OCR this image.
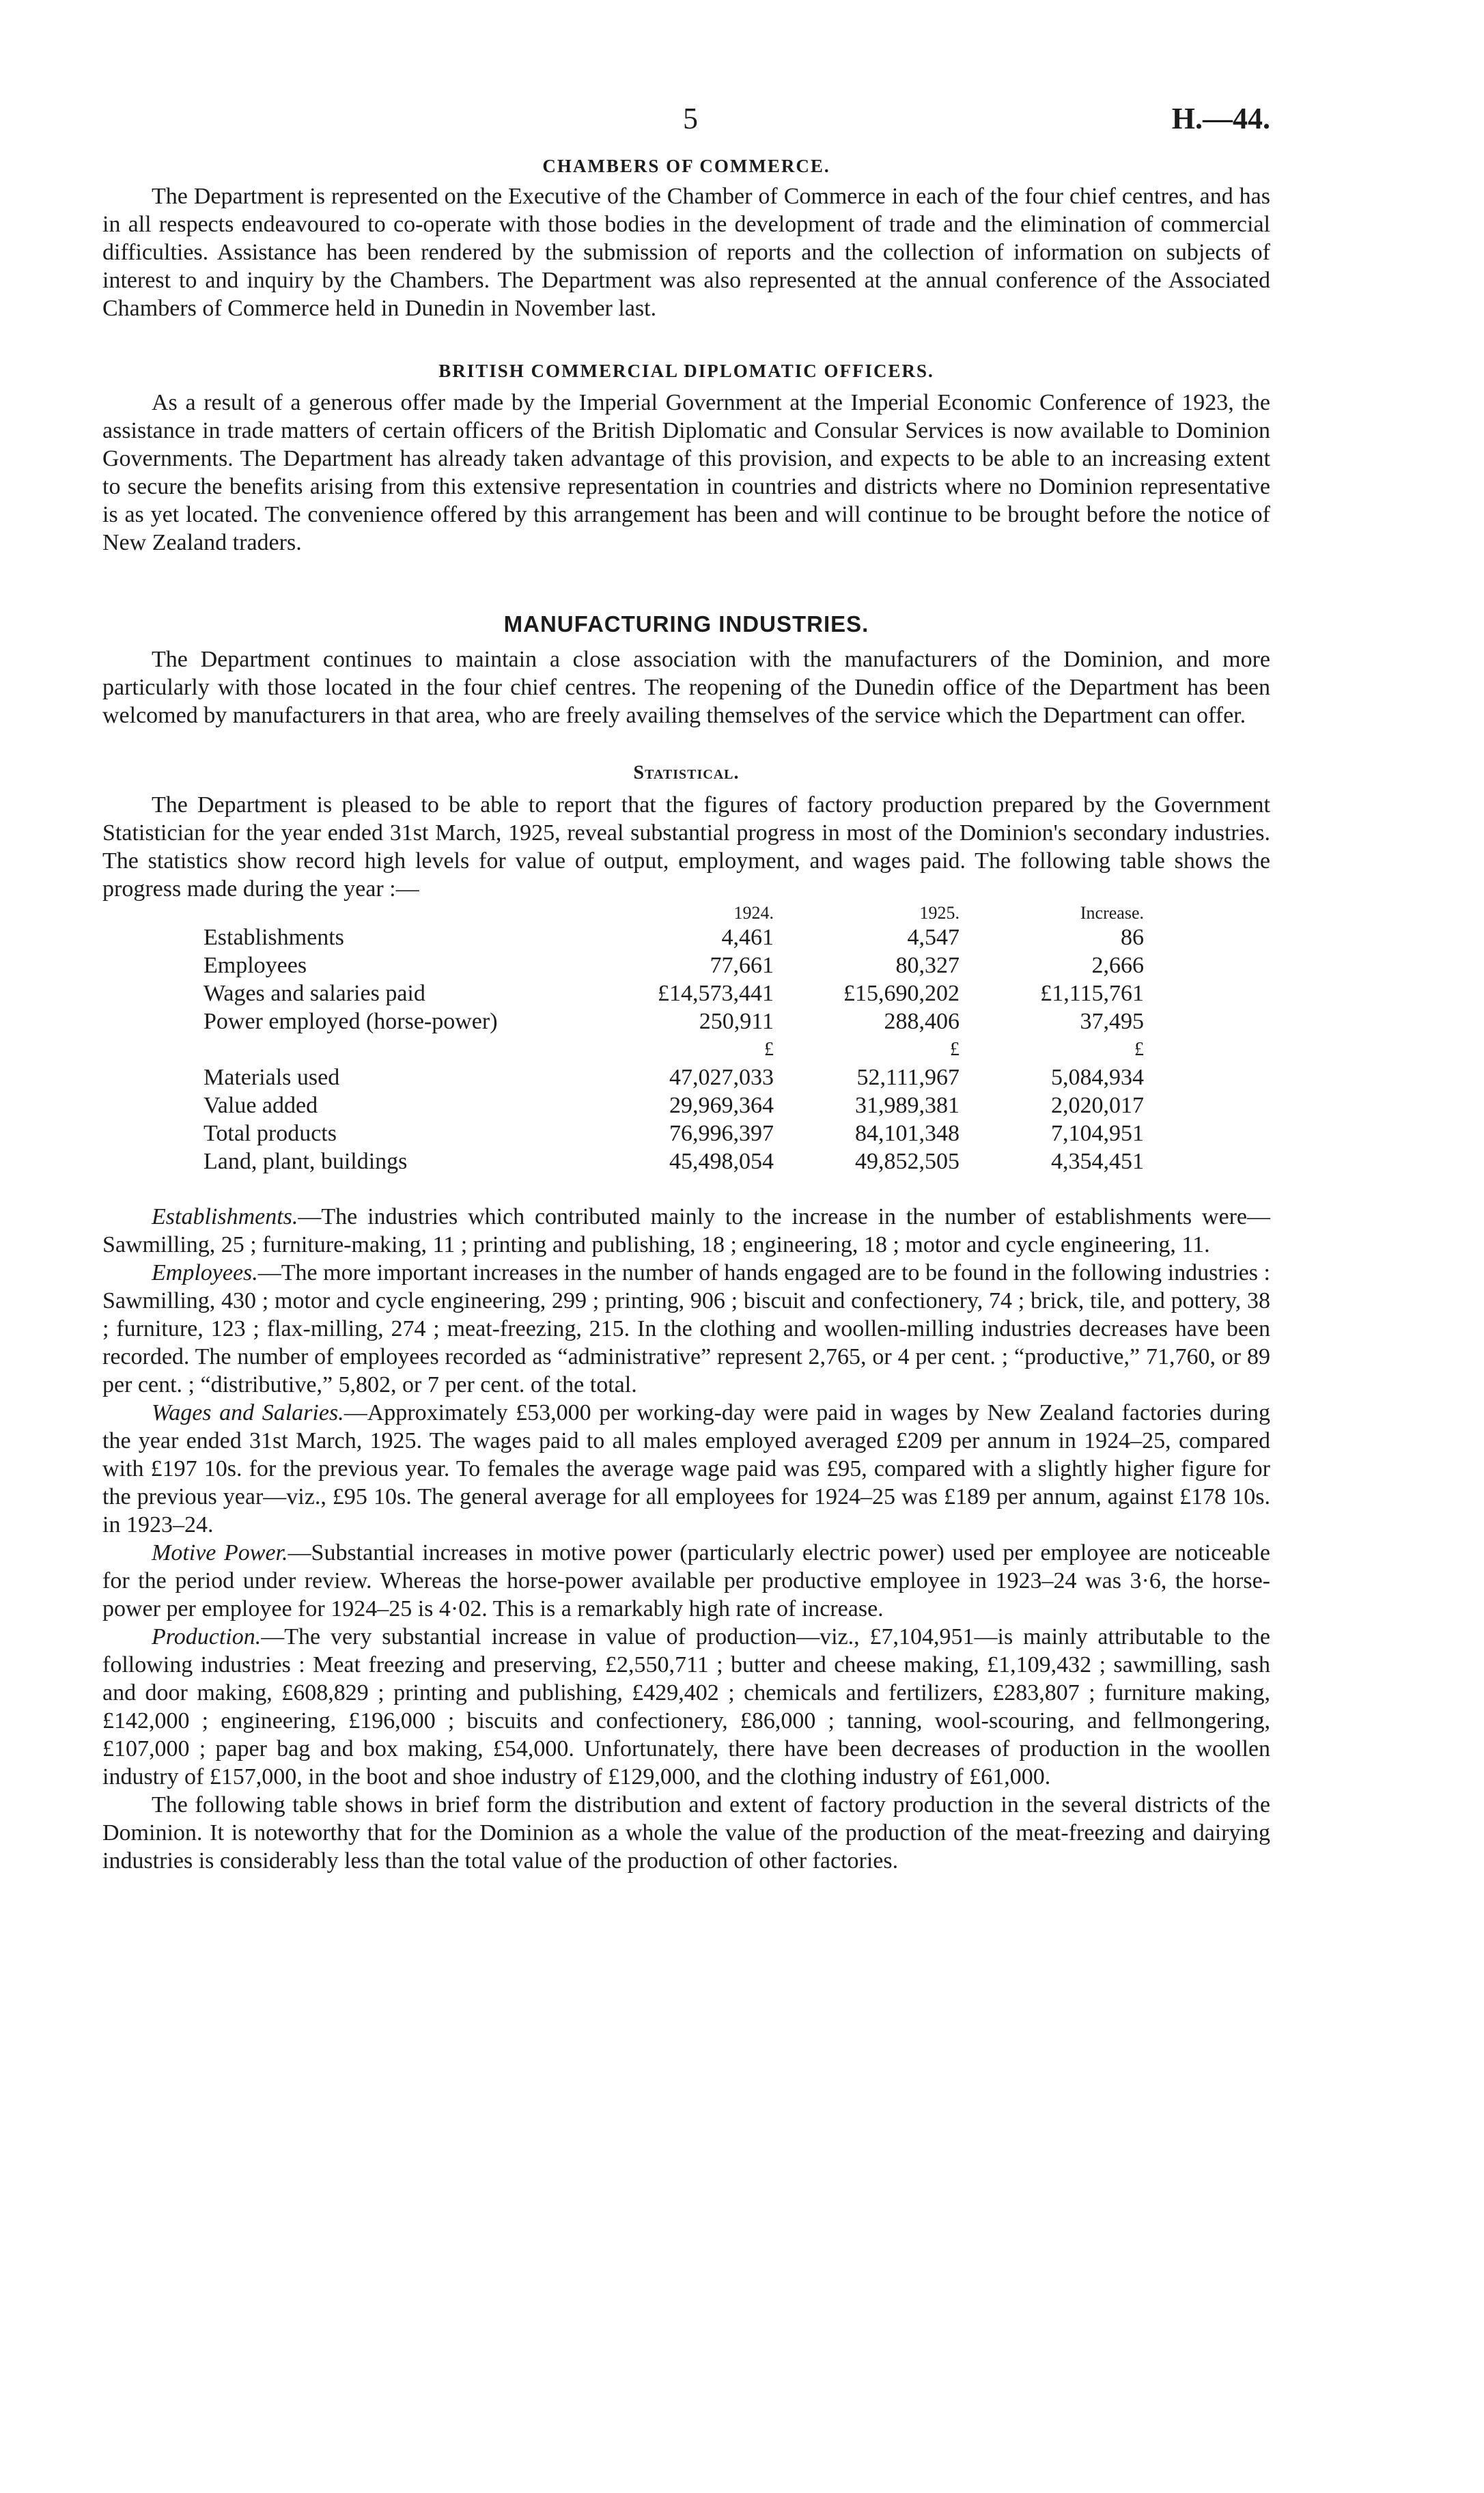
5	H.—44.
CHAMBERS OF COMMERCE.

The Department is represented on the Executive of the Chamber of Commerce in each of the four chief centres, and has in all respects endeavoured to co-operate with those bodies in the development of trade and the elimination of commercial difficulties. Assistance has been rendered by the submission of reports and the collection of information on subjects of interest to and inquiry by the Chambers. The Department was also represented at the annual conference of the Associated Chambers of Commerce held in Dunedin in November last.

BRITISH COMMERCIAL DIPLOMATIC OFFICERS.

As a result of a generous offer made by the Imperial Government at the Imperial Economic Conference of 1923, the assistance in trade matters of certain officers of the British Diplomatic and Consular Services is now available to Dominion Governments. The Department has already taken advantage of this provision, and expects to be able to an increasing extent to secure the benefits arising from this extensive representation in countries and districts where no Dominion representative is as yet located. The convenience offered by this arrangement has been and will continue to be brought before the notice of New Zealand traders.

MANUFACTURING INDUSTRIES.

The Department continues to maintain a close association with the manufacturers of the Dominion, and more particularly with those located in the four chief centres. The reopening of the Dunedin office of the Department has been welcomed by manufacturers in that area, who are freely availing themselves of the service which the Department can offer.

Statistical.

The Department is pleased to be able to report that the figures of factory production prepared by the Government Statistician for the year ended 31st March, 1925, reveal substantial progress in most of the Dominion's secondary industries. The statistics show record high levels for value of output, employment, and wages paid. The following table shows the progress made during the year :—

	1924.	1925.	Increase.
Establishments	4,461	4,547	86
Employees	77,661	80,327	2,666
Wages and salaries paid	£14,573,441	£15,690,202	£1,115,761
Power employed (horse-power)	250,911	288,406	37,495
	£	£	£
Materials used	47,027,033	52,111,967	5,084,934
Value added	29,969,364	31,989,381	2,020,017
Total products	76,996,397	84,101,348	7,104,951
Land, plant, buildings	45,498,054	49,852,505	4,354,451

Establishments.—The industries which contributed mainly to the increase in the number of establishments were—Sawmilling, 25 ; furniture-making, 11 ; printing and publishing, 18 ; engineering, 18 ; motor and cycle engineering, 11.

Employees.—The more important increases in the number of hands engaged are to be found in the following industries : Sawmilling, 430 ; motor and cycle engineering, 299 ; printing, 906 ; biscuit and confectionery, 74 ; brick, tile, and pottery, 38 ; furniture, 123 ; flax-milling, 274 ; meat-freezing, 215. In the clothing and woollen-milling industries decreases have been recorded. The number of employees recorded as “administrative” represent 2,765, or 4 per cent. ; “productive,” 71,760, or 89 per cent. ; “distributive,” 5,802, or 7 per cent. of the total.

Wages and Salaries.—Approximately £53,000 per working-day were paid in wages by New Zealand factories during the year ended 31st March, 1925. The wages paid to all males employed averaged £209 per annum in 1924–25, compared with £197 10s. for the previous year. To females the average wage paid was £95, compared with a slightly higher figure for the previous year—viz., £95 10s. The general average for all employees for 1924–25 was £189 per annum, against £178 10s. in 1923–24.

Motive Power.—Substantial increases in motive power (particularly electric power) used per employee are noticeable for the period under review. Whereas the horse-power available per productive employee in 1923–24 was 3·6, the horse-power per employee for 1924–25 is 4·02. This is a remarkably high rate of increase.

Production.—The very substantial increase in value of production—viz., £7,104,951—is mainly attributable to the following industries : Meat freezing and preserving, £2,550,711 ; butter and cheese making, £1,109,432 ; sawmilling, sash and door making, £608,829 ; printing and publishing, £429,402 ; chemicals and fertilizers, £283,807 ; furniture making, £142,000 ; engineering, £196,000 ; biscuits and confectionery, £86,000 ; tanning, wool-scouring, and fellmongering, £107,000 ; paper bag and box making, £54,000. Unfortunately, there have been decreases of production in the woollen industry of £157,000, in the boot and shoe industry of £129,000, and the clothing industry of £61,000.

The following table shows in brief form the distribution and extent of factory production in the several districts of the Dominion. It is noteworthy that for the Dominion as a whole the value of the production of the meat-freezing and dairying industries is considerably less than the total value of the production of other factories.
